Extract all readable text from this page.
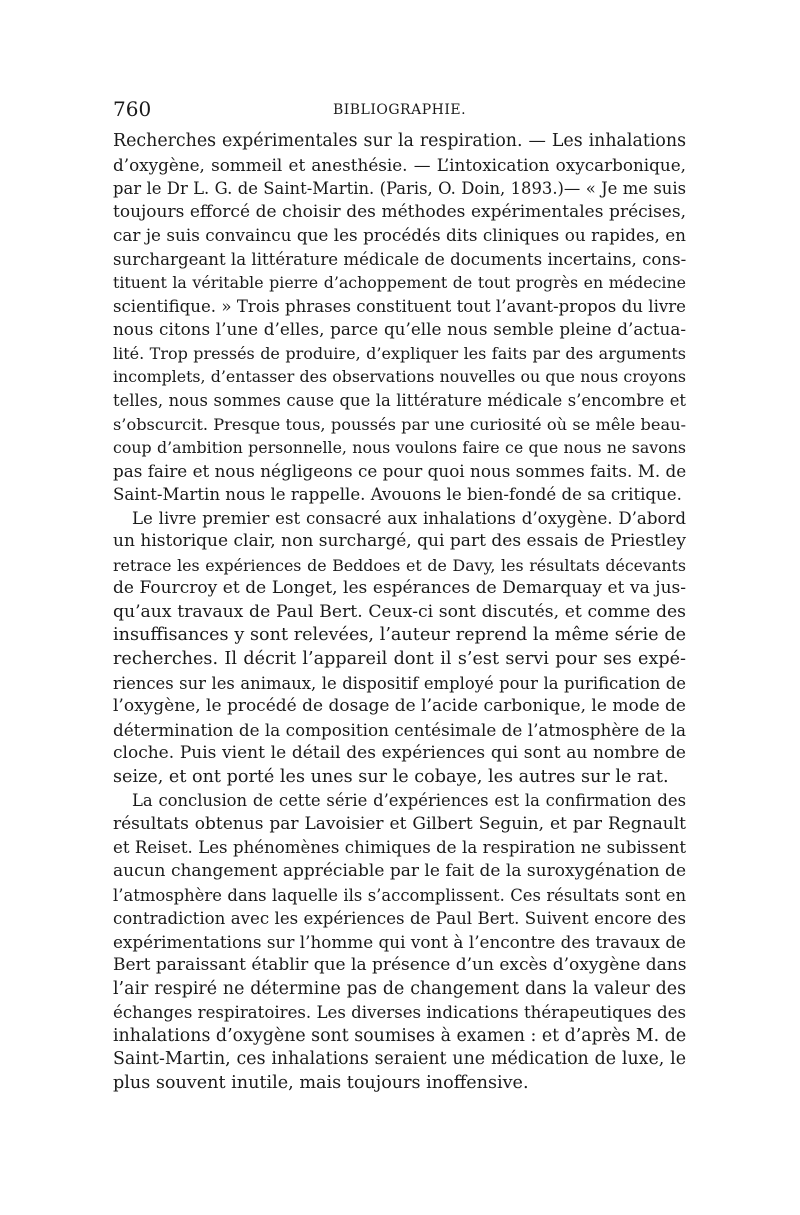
760	BIBLIOGRAPHIE.
Recherches expérimentales sur la respiration. — Les inhalations
d’oxygène, sommeil et anesthésie. — L’intoxication oxycarbonique,
par le Dr L. G. de Saint-Martin. (Paris, O. Doin, 1893.)— « Je me suis
toujours efforcé de choisir des méthodes expérimentales précises,
car je suis convaincu que les procédés dits cliniques ou rapides, en
surchargeant la littérature médicale de documents incertains, cons-
tituent la véritable pierre d’achoppement de tout progrès en médecine
scientifique. » Trois phrases constituent tout l’avant-propos du livre
nous citons l’une d’elles, parce qu’elle nous semble pleine d’actua-
lité. Trop pressés de produire, d’expliquer les faits par des arguments
incomplets, d’entasser des observations nouvelles ou que nous croyons
telles, nous sommes cause que la littérature médicale s’encombre et
s’obscurcit. Presque tous, poussés par une curiosité où se mêle beau-
coup d’ambition personnelle, nous voulons faire ce que nous ne savons
pas faire et nous négligeons ce pour quoi nous sommes faits. M. de
Saint-Martin nous le rappelle. Avouons le bien-fondé de sa critique.
Le livre premier est consacré aux inhalations d’oxygène. D’abord
un historique clair, non surchargé, qui part des essais de Priestley
retrace les expériences de Beddoes et de Davy, les résultats décevants
de Fourcroy et de Longet, les espérances de Demarquay et va jus-
qu’aux travaux de Paul Bert. Ceux-ci sont discutés, et comme des
insuffisances y sont relevées, l’auteur reprend la même série de
recherches. Il décrit l’appareil dont il s’est servi pour ses expé-
riences sur les animaux, le dispositif employé pour la purification de
l’oxygène, le procédé de dosage de l’acide carbonique, le mode de
détermination de la composition centésimale de l’atmosphère de la
cloche. Puis vient le détail des expériences qui sont au nombre de
seize, et ont porté les unes sur le cobaye, les autres sur le rat.
La conclusion de cette série d’expériences est la confirmation des
résultats obtenus par Lavoisier et Gilbert Seguin, et par Regnault
et Reiset. Les phénomènes chimiques de la respiration ne subissent
aucun changement appréciable par le fait de la suroxygénation de
l’atmosphère dans laquelle ils s’accomplissent. Ces résultats sont en
contradiction avec les expériences de Paul Bert. Suivent encore des
expérimentations sur l’homme qui vont à l’encontre des travaux de
Bert paraissant établir que la présence d’un excès d’oxygène dans
l’air respiré ne détermine pas de changement dans la valeur des
échanges respiratoires. Les diverses indications thérapeutiques des
inhalations d’oxygène sont soumises à examen : et d’après M. de
Saint-Martin, ces inhalations seraient une médication de luxe, le
plus souvent inutile, mais toujours inoffensive.
